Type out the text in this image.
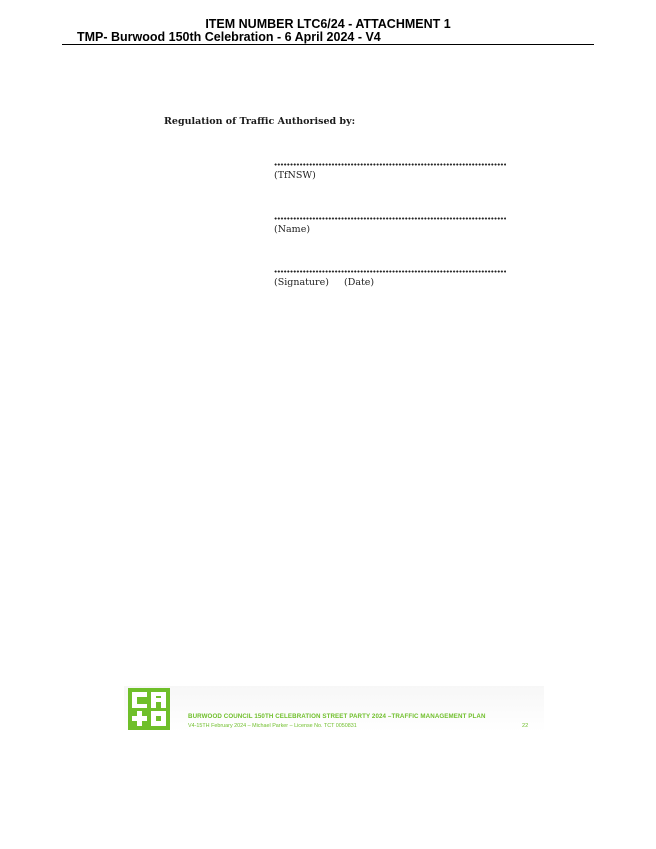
ITEM NUMBER LTC6/24 - ATTACHMENT 1
TMP- Burwood 150th Celebration - 6 April 2024 - V4
Regulation of Traffic Authorised by:
(TfNSW)
(Name)
(Signature) (Date)
BURWOOD COUNCIL 150TH CELEBRATION STREET PARTY 2024 –TRAFFIC MANAGEMENT PLAN
V4-15TH February 2024 – Michael Parker – License No. TCT 0050831	22
